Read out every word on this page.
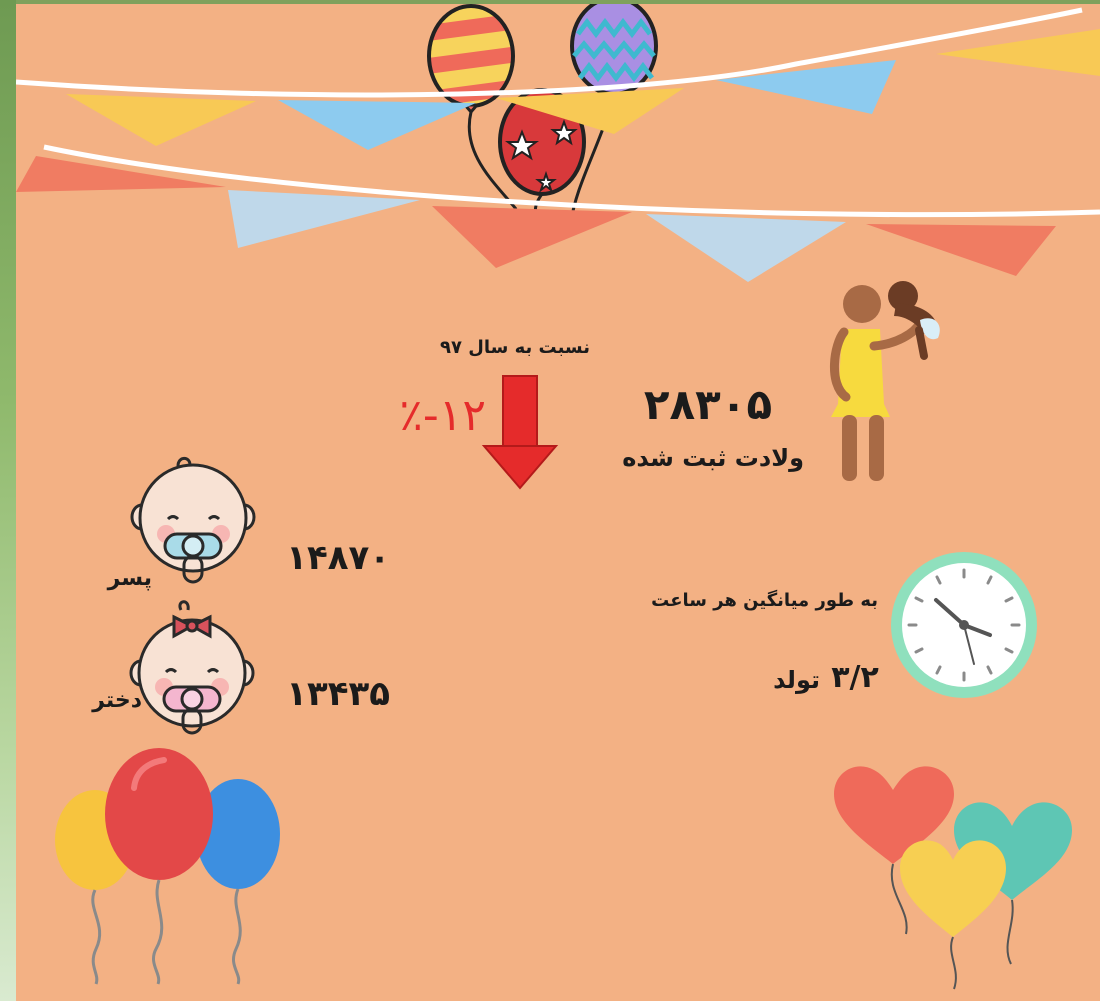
نسبت به سال ۹۷
٪-۱۲	۲۸۳۰۵
ولادت ثبت شده
۱۴۸۷۰
پسر
۱۳۴۳۵
دختر
به طور میانگین هر ساعت
۳/۲
تولد
